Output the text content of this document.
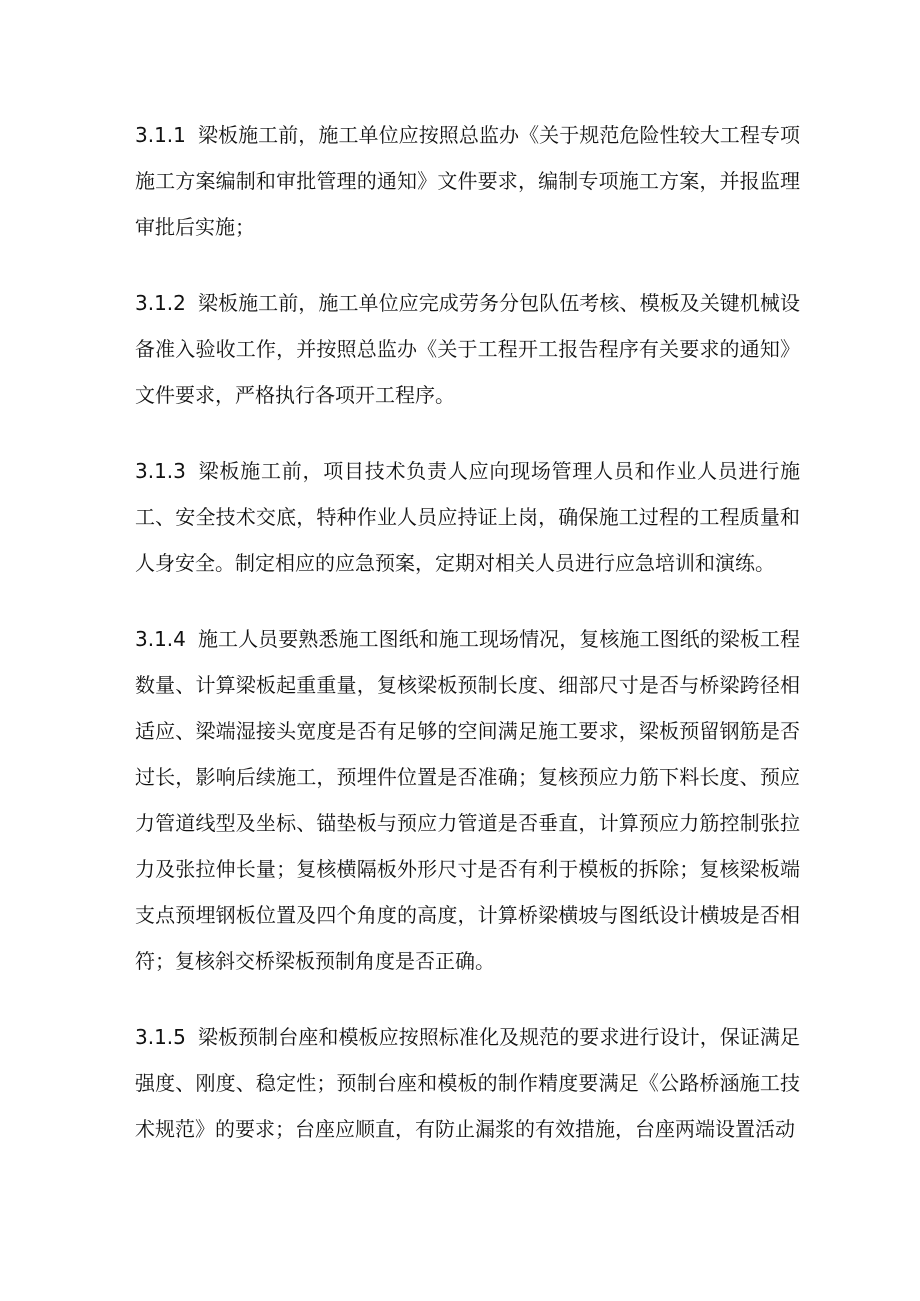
3.1.1 梁板施工前，施工单位应按照总监办《关于规范危险性较大工程专项施工方案编制和审批管理的通知》文件要求，编制专项施工方案，并报监理审批后实施；

3.1.2 梁板施工前，施工单位应完成劳务分包队伍考核、模板及关键机械设备准入验收工作，并按照总监办《关于工程开工报告程序有关要求的通知》文件要求，严格执行各项开工程序。

3.1.3 梁板施工前，项目技术负责人应向现场管理人员和作业人员进行施工、安全技术交底，特种作业人员应持证上岗，确保施工过程的工程质量和人身安全。制定相应的应急预案，定期对相关人员进行应急培训和演练。

3.1.4 施工人员要熟悉施工图纸和施工现场情况，复核施工图纸的梁板工程数量、计算梁板起重重量，复核梁板预制长度、细部尺寸是否与桥梁跨径相适应、梁端湿接头宽度是否有足够的空间满足施工要求，梁板预留钢筋是否过长，影响后续施工，预埋件位置是否准确；复核预应力筋下料长度、预应力管道线型及坐标、锚垫板与预应力管道是否垂直，计算预应力筋控制张拉力及张拉伸长量；复核横隔板外形尺寸是否有利于模板的拆除；复核梁板端支点预埋钢板位置及四个角度的高度，计算桥梁横坡与图纸设计横坡是否相符；复核斜交桥梁板预制角度是否正确。

3.1.5 梁板预制台座和模板应按照标准化及规范的要求进行设计，保证满足强度、刚度、稳定性；预制台座和模板的制作精度要满足《公路桥涵施工技术规范》的要求；台座应顺直，有防止漏浆的有效措施，台座两端设置活动
